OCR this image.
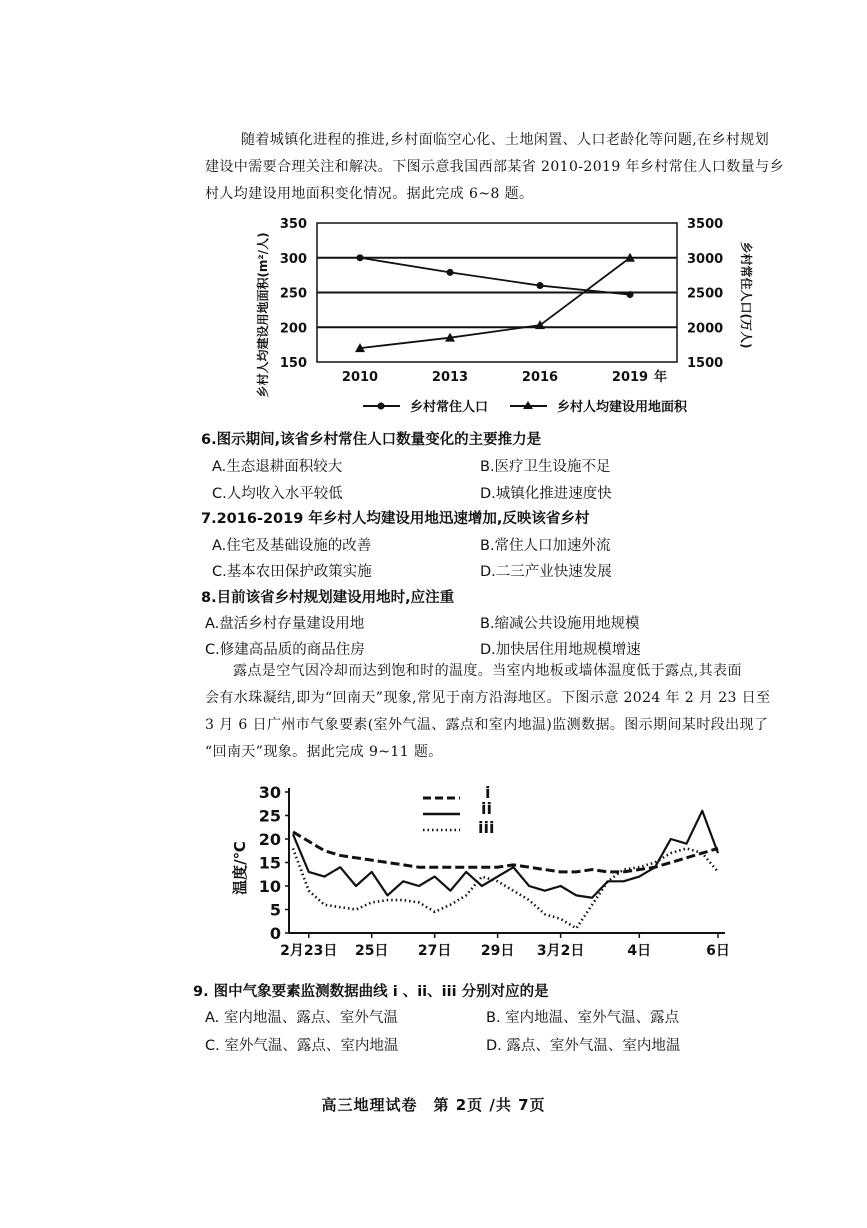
随着城镇化进程的推进,乡村面临空心化、土地闲置、人口老龄化等问题,在乡村规划
建设中需要合理关注和解决。下图示意我国西部某省 2010-2019 年乡村常住人口数量与乡
村人均建设用地面积变化情况。据此完成 6~8 题。
150
200
250
300
350
1500
2000
2500
3000
3500
2010	2013	2016	2019
乡村人均建设用地面积(m²/人)	乡村常住人口(万人)
年
乡村常住人口	乡村人均建设用地面积
6.图示期间,该省乡村常住人口数量变化的主要推力是
A.生态退耕面积较大	B.医疗卫生设施不足
C.人均收入水平较低	D.城镇化推进速度快
7.2016-2019 年乡村人均建设用地迅速增加,反映该省乡村
A.住宅及基础设施的改善	B.常住人口加速外流
C.基本农田保护政策实施	D.二三产业快速发展
8.目前该省乡村规划建设用地时,应注重
A.盘活乡村存量建设用地	B.缩减公共设施用地规模
C.修建高品质的商品住房	D.加快居住用地规模增速
露点是空气因冷却而达到饱和时的温度。当室内地板或墙体温度低于露点,其表面
会有水珠凝结,即为“回南天”现象,常见于南方沿海地区。下图示意 2024 年 2 月 23 日至
3 月 6 日广州市气象要素(室外气温、露点和室内地温)监测数据。图示期间某时段出现了
“回南天”现象。据此完成 9~11 题。
0
5
10
15
20
25
30
2月23日 25日 27日 29日 3月2日	4日	6日
温度/℃
i
ii
iii
9. 图中气象要素监测数据曲线 i 、ii、iii 分别对应的是
A. 室内地温、露点、室外气温	B. 室内地温、室外气温、露点
C. 室外气温、露点、室内地温	D. 露点、室外气温、室内地温
高三地理试卷　第 2页 /共 7页
